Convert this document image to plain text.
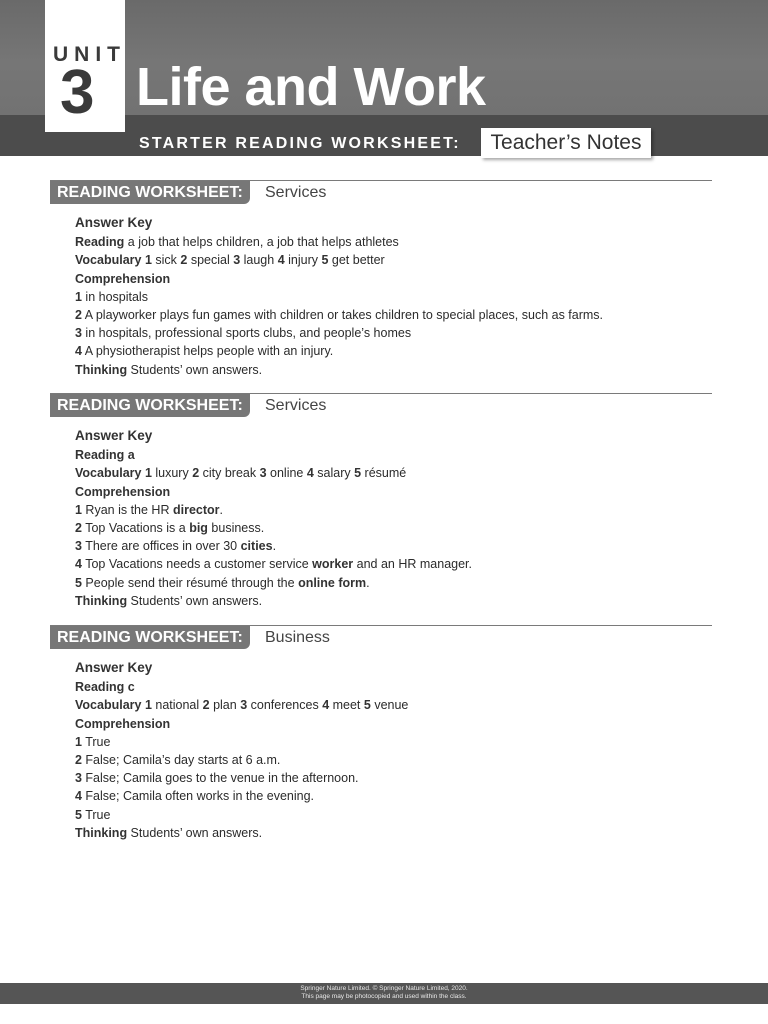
UNIT
3 Life and Work
STARTER READING WORKSHEET:	Teacher’s Notes
READING WORKSHEET:	Services
Answer Key
Reading a job that helps children, a job that helps athletes
Vocabulary 1 sick 2 special 3 laugh 4 injury 5 get better
Comprehension
1 in hospitals
2 A playworker plays fun games with children or takes children to special places, such as farms.
3 in hospitals, professional sports clubs, and people’s homes
4 A physiotherapist helps people with an injury.
Thinking Students’ own answers.
READING WORKSHEET:	Services
Answer Key
Reading a
Vocabulary 1 luxury 2 city break 3 online 4 salary 5 résumé
Comprehension
1 Ryan is the HR director.
2 Top Vacations is a big business.
3 There are offices in over 30 cities.
4 Top Vacations needs a customer service worker and an HR manager.
5 People send their résumé through the online form.
Thinking Students’ own answers.
READING WORKSHEET:	Business
Answer Key
Reading c
Vocabulary 1 national 2 plan 3 conferences 4 meet 5 venue
Comprehension
1 True
2 False; Camila’s day starts at 6 a.m.
3 False; Camila goes to the venue in the afternoon.
4 False; Camila often works in the evening.
5 True
Thinking Students’ own answers.
Springer Nature Limited. © Springer Nature Limited, 2020.
This page may be photocopied and used within the class.
